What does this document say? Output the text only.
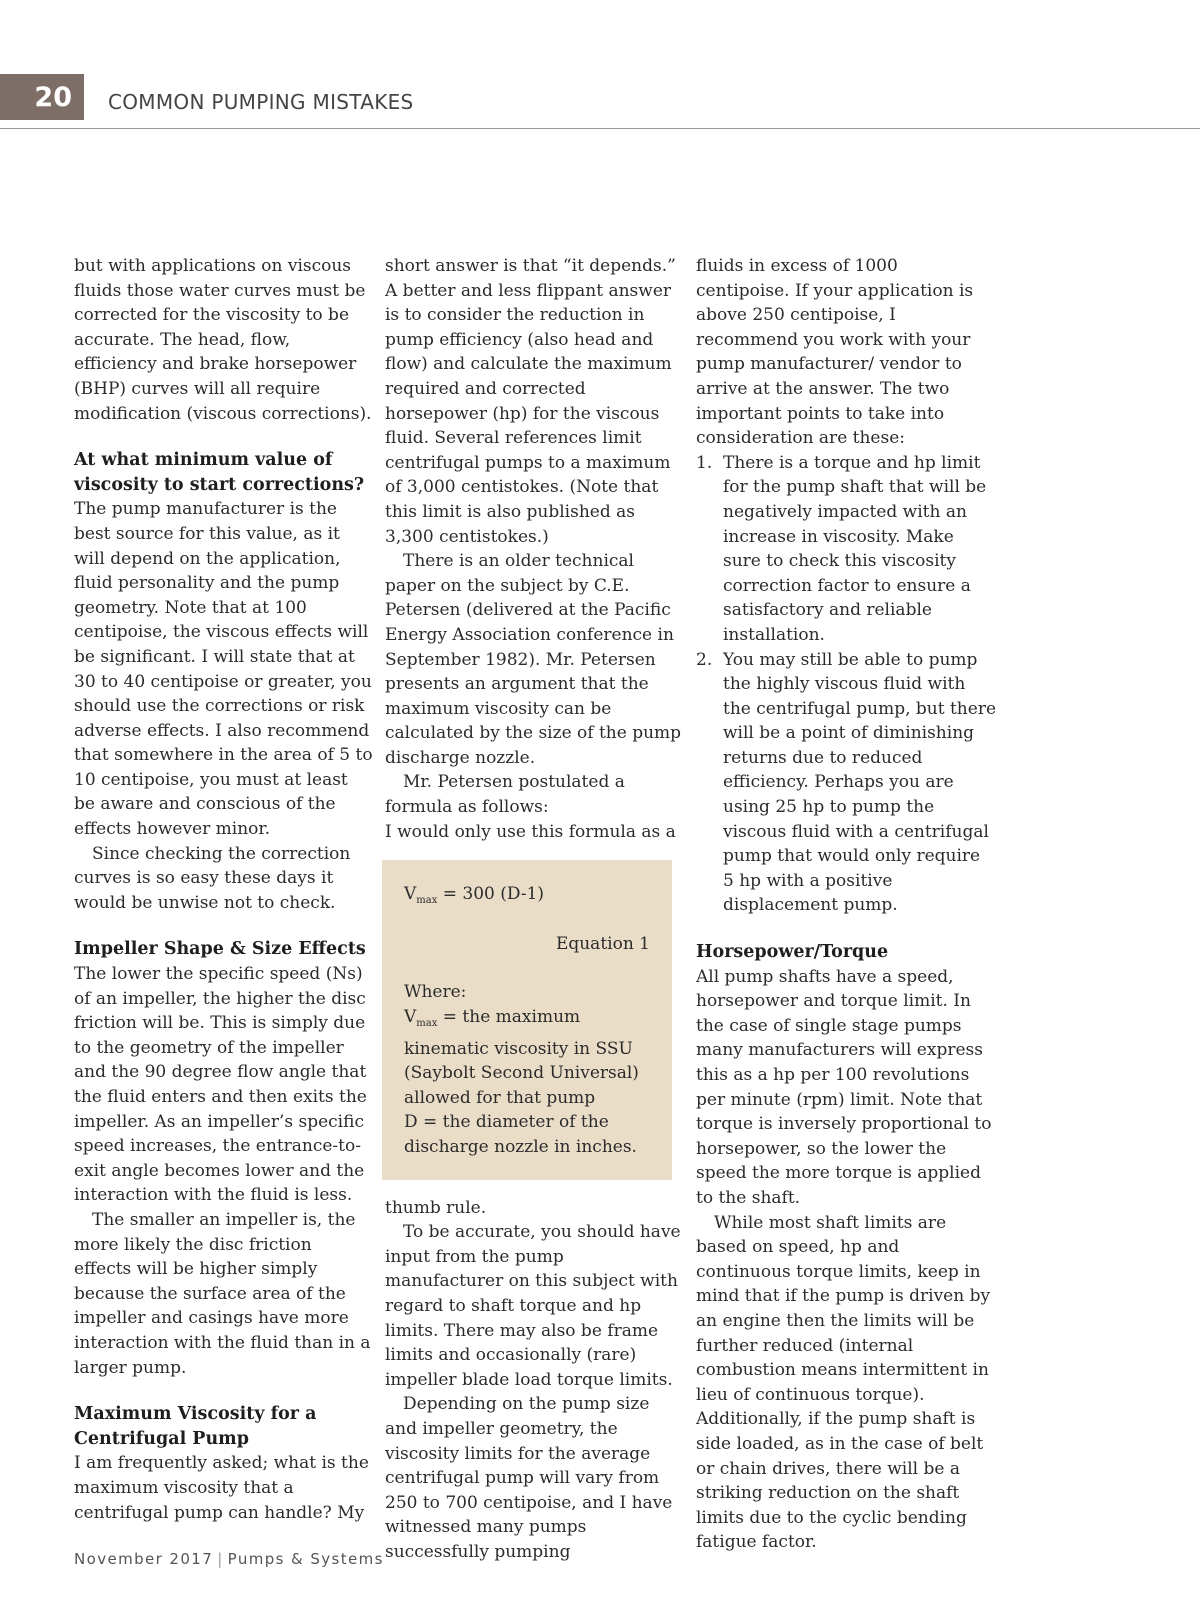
20	COMMON PUMPING MISTAKES

but with applications on viscous fluids those water curves must be corrected for the viscosity to be accurate. The head, flow, efficiency and brake horsepower (BHP) curves will all require modification (viscous corrections).

At what minimum value of viscosity to start corrections?

The pump manufacturer is the best source for this value, as it will depend on the application, fluid personality and the pump geometry. Note that at 100 centipoise, the viscous effects will be significant. I will state that at 30 to 40 centipoise or greater, you should use the corrections or risk adverse effects. I also recommend that somewhere in the area of 5 to 10 centipoise, you must at least be aware and conscious of the effects however minor.

Since checking the correction curves is so easy these days it would be unwise not to check.

Impeller Shape & Size Effects

The lower the specific speed (Ns) of an impeller, the higher the disc friction will be. This is simply due to the geometry of the impeller and the 90 degree flow angle that the fluid enters and then exits the impeller. As an impeller’s specific speed increases, the entrance-to-exit angle becomes lower and the interaction with the fluid is less.

The smaller an impeller is, the more likely the disc friction effects will be higher simply because the surface area of the impeller and casings have more interaction with the fluid than in a larger pump.

Maximum Viscosity for a Centrifugal Pump

I am frequently asked; what is the maximum viscosity that a centrifugal pump can handle? My

short answer is that “it depends.” A better and less flippant answer is to consider the reduction in pump efficiency (also head and flow) and calculate the maximum required and corrected horsepower (hp) for the viscous fluid. Several references limit centrifugal pumps to a maximum of 3,000 centistokes. (Note that this limit is also published as 3,300 centistokes.)

There is an older technical paper on the subject by C.E. Petersen (delivered at the Pacific Energy Association conference in September 1982). Mr. Petersen presents an argument that the maximum viscosity can be calculated by the size of the pump discharge nozzle.

Mr. Petersen postulated a formula as follows:

I would only use this formula as a

$V_{max} = 300$ (D-1)
Equation 1
Where:
$V_{max}$ = the maximum kinematic viscosity in SSU (Saybolt Second Universal) allowed for that pump
D = the diameter of the discharge nozzle in inches.

thumb rule.

To be accurate, you should have input from the pump manufacturer on this subject with regard to shaft torque and hp limits. There may also be frame limits and occasionally (rare) impeller blade load torque limits.

Depending on the pump size and impeller geometry, the viscosity limits for the average centrifugal pump will vary from 250 to 700 centipoise, and I have witnessed many pumps successfully pumping

fluids in excess of 1000 centipoise. If your application is above 250 centipoise, I recommend you work with your pump manufacturer/ vendor to arrive at the answer. The two important points to take into consideration are these:

1. There is a torque and hp limit for the pump shaft that will be negatively impacted with an increase in viscosity. Make sure to check this viscosity correction factor to ensure a satisfactory and reliable installation.
2. You may still be able to pump the highly viscous fluid with the centrifugal pump, but there will be a point of diminishing returns due to reduced efficiency. Perhaps you are using 25 hp to pump the viscous fluid with a centrifugal pump that would only require 5 hp with a positive displacement pump.
Horsepower/Torque

All pump shafts have a speed, horsepower and torque limit. In the case of single stage pumps many manufacturers will express this as a hp per 100 revolutions per minute (rpm) limit. Note that torque is inversely proportional to horsepower, so the lower the speed the more torque is applied to the shaft.

While most shaft limits are based on speed, hp and continuous torque limits, keep in mind that if the pump is driven by an engine then the limits will be further reduced (internal combustion means intermittent in lieu of continuous torque). Additionally, if the pump shaft is side loaded, as in the case of belt or chain drives, there will be a striking reduction on the shaft limits due to the cyclic bending fatigue factor.

November 2017 | Pumps & Systems
